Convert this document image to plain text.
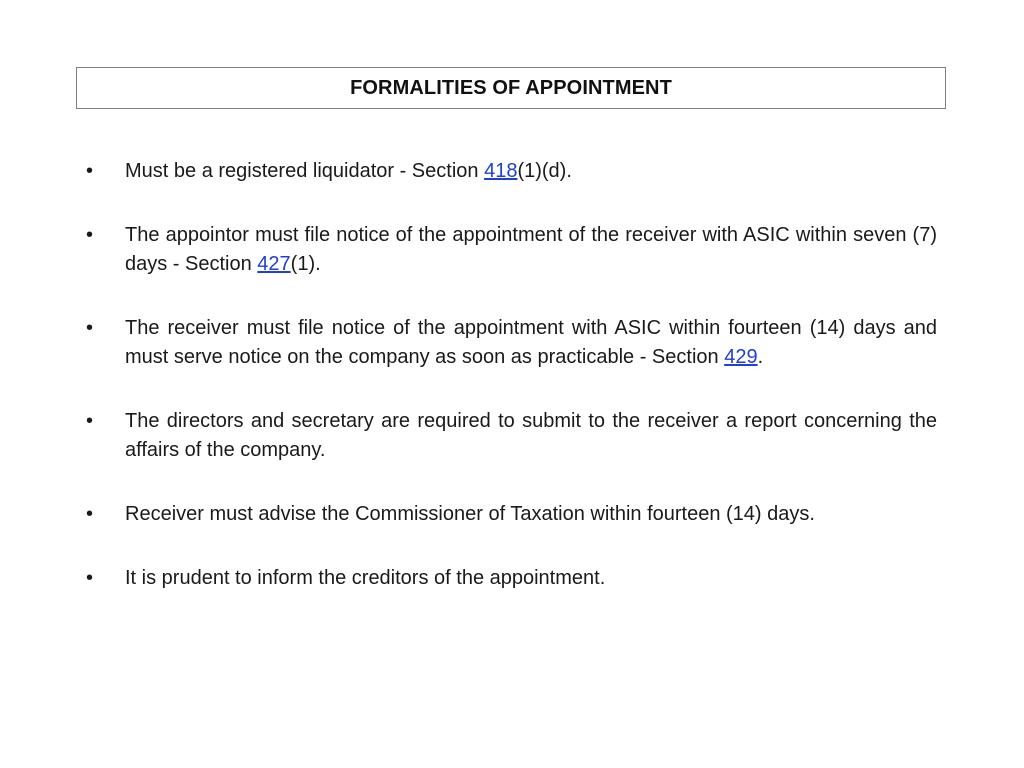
FORMALITIES OF APPOINTMENT
•	Must be a registered liquidator - Section 418(1)(d).
•	The appointor must file notice of the appointment of the receiver with ASIC within seven (7) days - Section 427(1).
•	The receiver must file notice of the appointment with ASIC within fourteen (14) days and must serve notice on the company as soon as practicable - Section 429.
•	The directors and secretary are required to submit to the receiver a report concerning the affairs of the company.
•	Receiver must advise the Commissioner of Taxation within fourteen (14) days.
•	It is prudent to inform the creditors of the appointment.
